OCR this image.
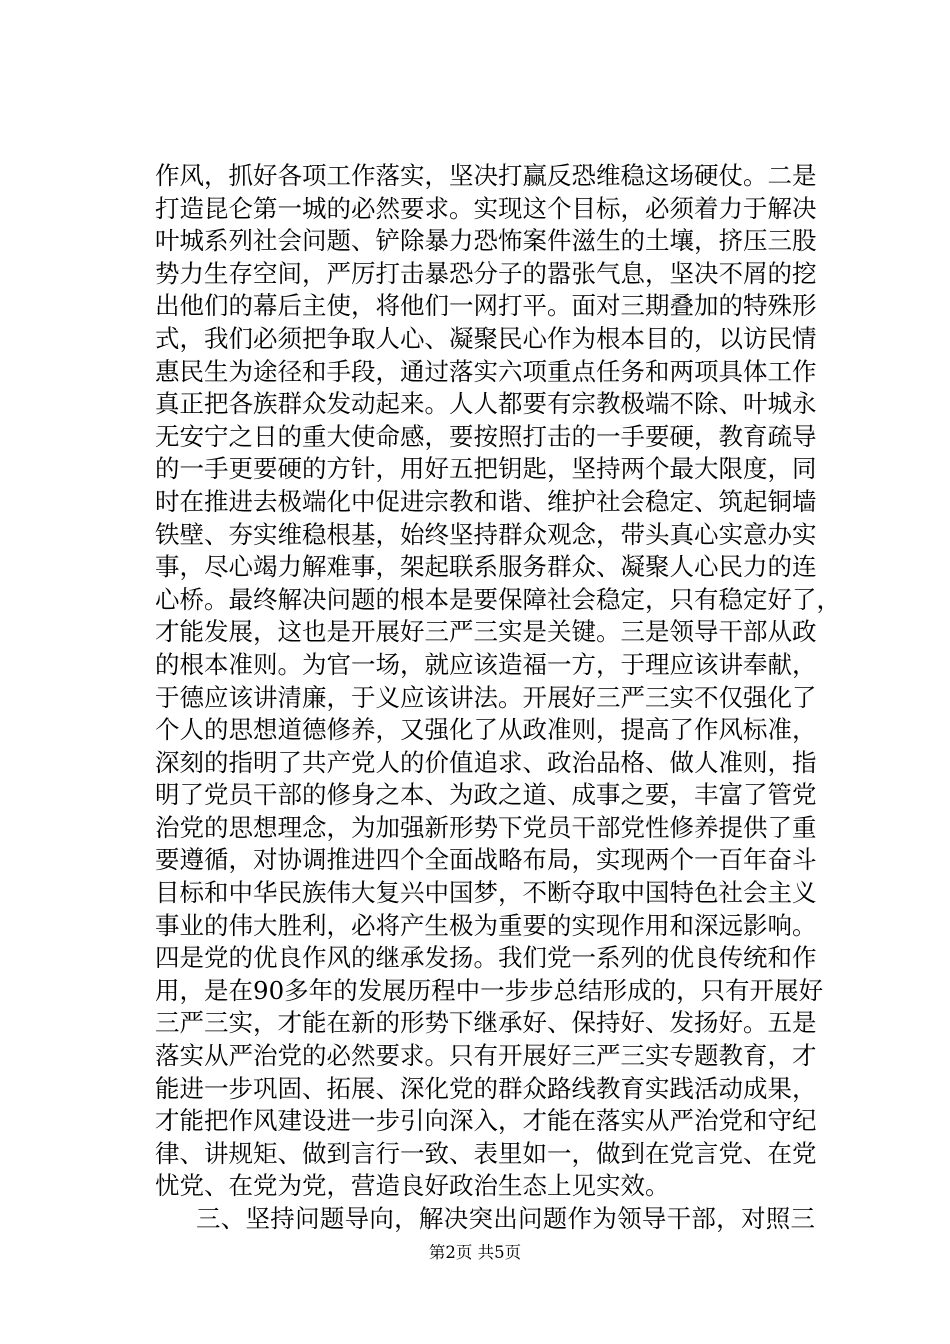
作风，抓好各项工作落实，坚决打赢反恐维稳这场硬仗。二是
打造昆仑第一城的必然要求。实现这个目标，必须着力于解决
叶城系列社会问题、铲除暴力恐怖案件滋生的土壤，挤压三股
势力生存空间，严厉打击暴恐分子的嚣张气息，坚决不屑的挖
出他们的幕后主使，将他们一网打平。面对三期叠加的特殊形
式，我们必须把争取人心、凝聚民心作为根本目的，以访民情
惠民生为途径和手段，通过落实六项重点任务和两项具体工作
真正把各族群众发动起来。人人都要有宗教极端不除、叶城永
无安宁之日的重大使命感，要按照打击的一手要硬，教育疏导
的一手更要硬的方针，用好五把钥匙，坚持两个最大限度，同
时在推进去极端化中促进宗教和谐、维护社会稳定、筑起铜墙
铁壁、夯实维稳根基，始终坚持群众观念，带头真心实意办实
事，尽心竭力解难事，架起联系服务群众、凝聚人心民力的连
心桥。最终解决问题的根本是要保障社会稳定，只有稳定好了，
才能发展，这也是开展好三严三实是关键。三是领导干部从政
的根本准则。为官一场，就应该造福一方，于理应该讲奉献，
于德应该讲清廉，于义应该讲法。开展好三严三实不仅强化了
个人的思想道德修养，又强化了从政准则，提高了作风标准，
深刻的指明了共产党人的价值追求、政治品格、做人准则，指
明了党员干部的修身之本、为政之道、成事之要，丰富了管党
治党的思想理念，为加强新形势下党员干部党性修养提供了重
要遵循，对协调推进四个全面战略布局，实现两个一百年奋斗
目标和中华民族伟大复兴中国梦，不断夺取中国特色社会主义
事业的伟大胜利，必将产生极为重要的实现作用和深远影响。
四是党的优良作风的继承发扬。我们党一系列的优良传统和作
用，是在90多年的发展历程中一步步总结形成的，只有开展好
三严三实，才能在新的形势下继承好、保持好、发扬好。五是
落实从严治党的必然要求。只有开展好三严三实专题教育，才
能进一步巩固、拓展、深化党的群众路线教育实践活动成果，
才能把作风建设进一步引向深入，才能在落实从严治党和守纪
律、讲规矩、做到言行一致、表里如一，做到在党言党、在党
忧党、在党为党，营造良好政治生态上见实效。
三、坚持问题导向，解决突出问题作为领导干部，对照三
第2页 共5页
